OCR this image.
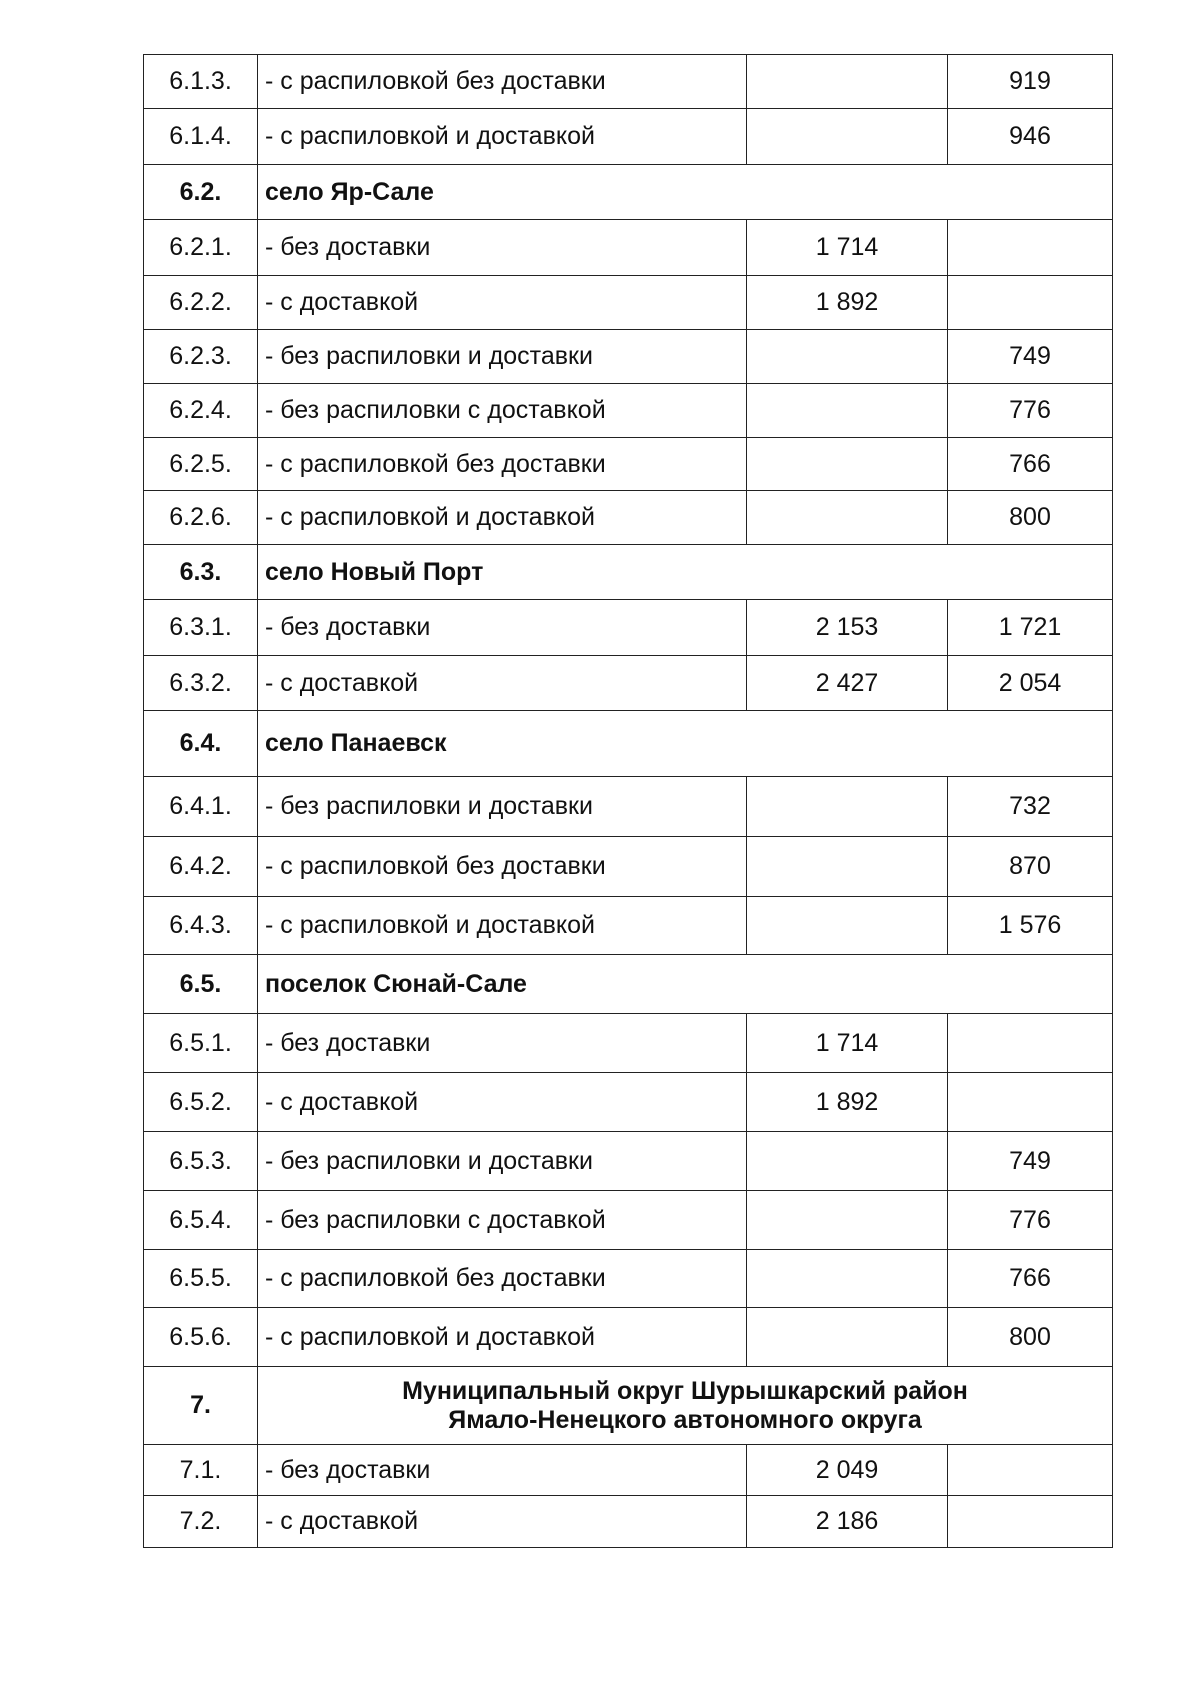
6.1.3.	- с распиловкой без доставки		919
6.1.4.	- с распиловкой и доставкой		946
6.2.	село Яр-Сале		
6.2.1.	- без доставки	1 714	
6.2.2.	- с доставкой	1 892	
6.2.3.	- без распиловки и доставки		749
6.2.4.	- без распиловки с доставкой		776
6.2.5.	- с распиловкой без доставки		766
6.2.6.	- с распиловкой и доставкой		800
6.3.	село Новый Порт		
6.3.1.	- без доставки	2 153	1 721
6.3.2.	- с доставкой	2 427	2 054
6.4.	село Панаевск		
6.4.1.	- без распиловки и доставки		732
6.4.2.	- с распиловкой без доставки		870
6.4.3.	- с распиловкой и доставкой		1 576
6.5.	поселок Сюнай-Сале		
6.5.1.	- без доставки	1 714	
6.5.2.	- с доставкой	1 892	
6.5.3.	- без распиловки и доставки		749
6.5.4.	- без распиловки с доставкой		776
6.5.5.	- с распиловкой без доставки		766
6.5.6.	- с распиловкой и доставкой		800
7.	Муниципальный округ Шурышкарский район
Ямало-Ненецкого автономного округа		

7.1.	- без доставки	2 049	
7.2.	- с доставкой	2 186	
